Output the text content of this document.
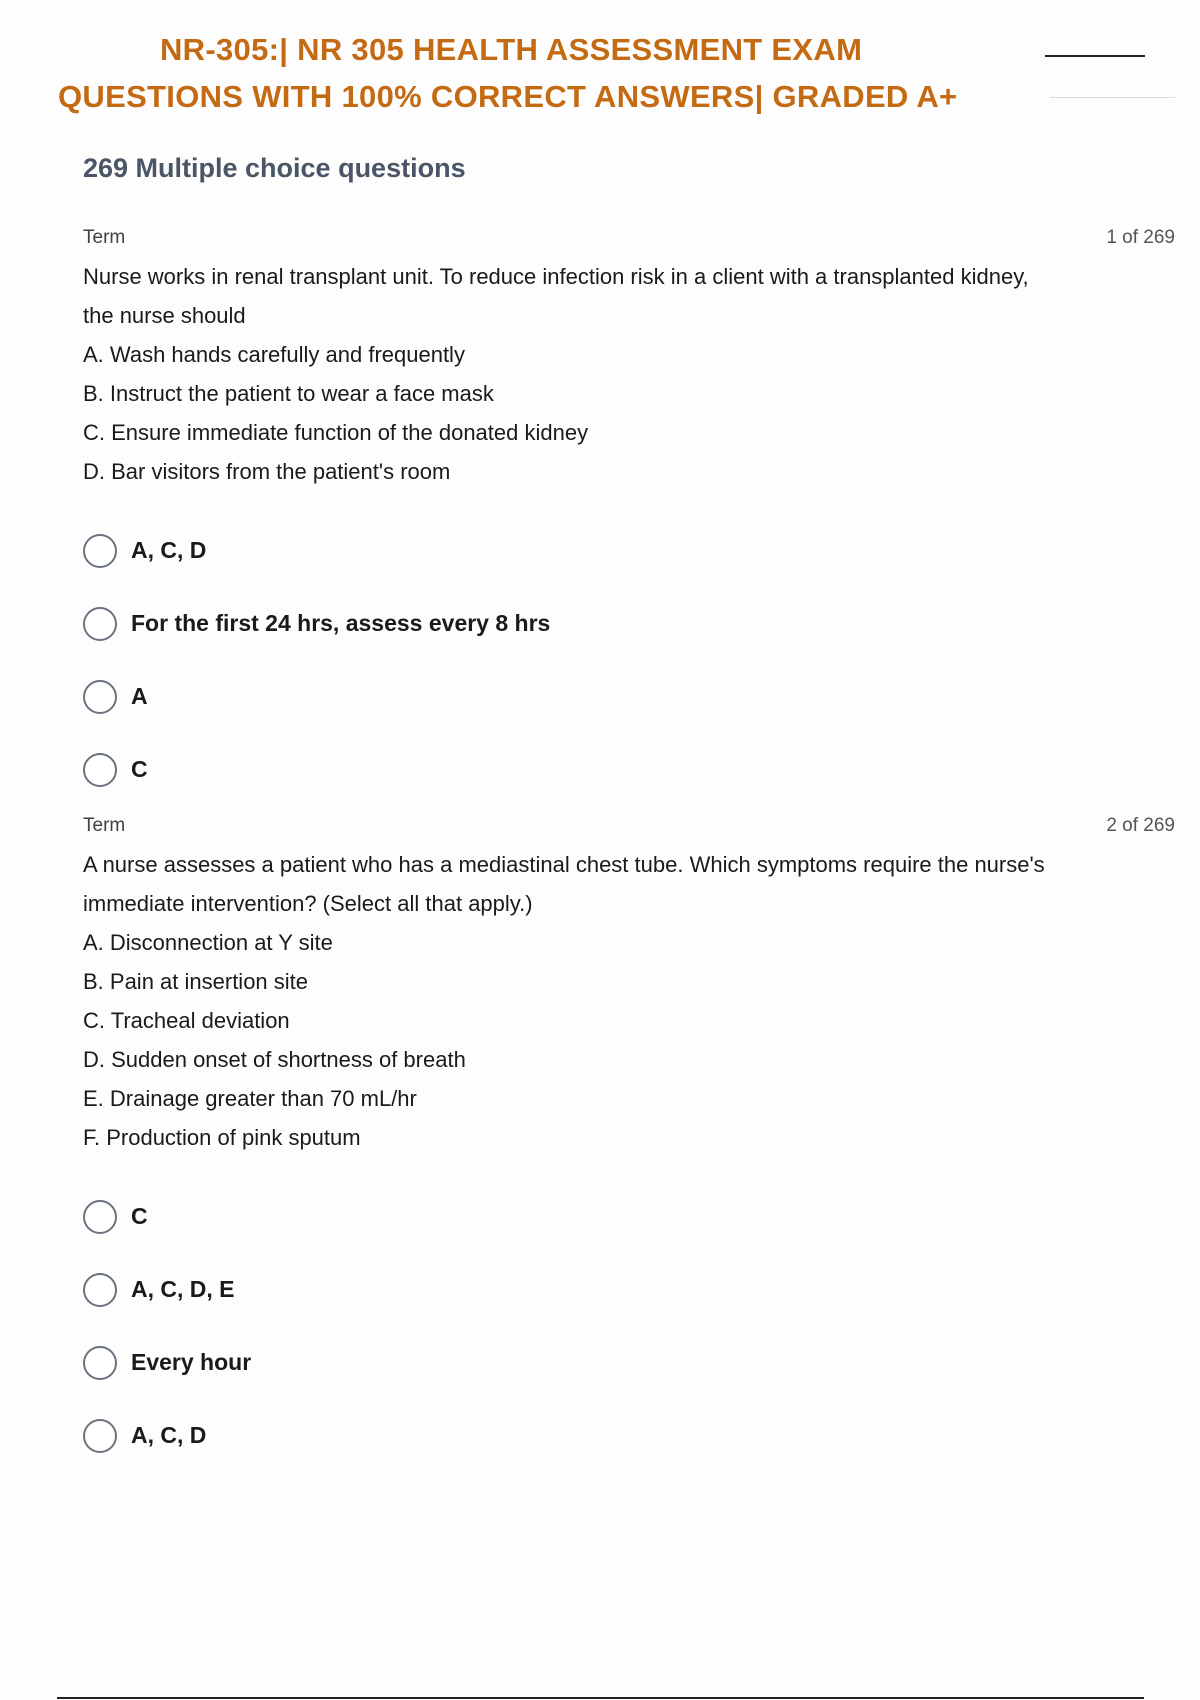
NR-305:| NR 305 HEALTH ASSESSMENT EXAM
QUESTIONS WITH 100% CORRECT ANSWERS| GRADED A+
269 Multiple choice questions
Term	1 of 269
Nurse works in renal transplant unit. To reduce infection risk in a client with a transplanted kidney,
the nurse should
A. Wash hands carefully and frequently
B. Instruct the patient to wear a face mask
C. Ensure immediate function of the donated kidney
D. Bar visitors from the patient's room
A, C, D
For the first 24 hrs, assess every 8 hrs
A
C
Term	2 of 269
A nurse assesses a patient who has a mediastinal chest tube. Which symptoms require the nurse's
immediate intervention? (Select all that apply.)
A. Disconnection at Y site
B. Pain at insertion site
C. Tracheal deviation
D. Sudden onset of shortness of breath
E. Drainage greater than 70 mL/hr
F. Production of pink sputum
C
A, C, D, E
Every hour
A, C, D
